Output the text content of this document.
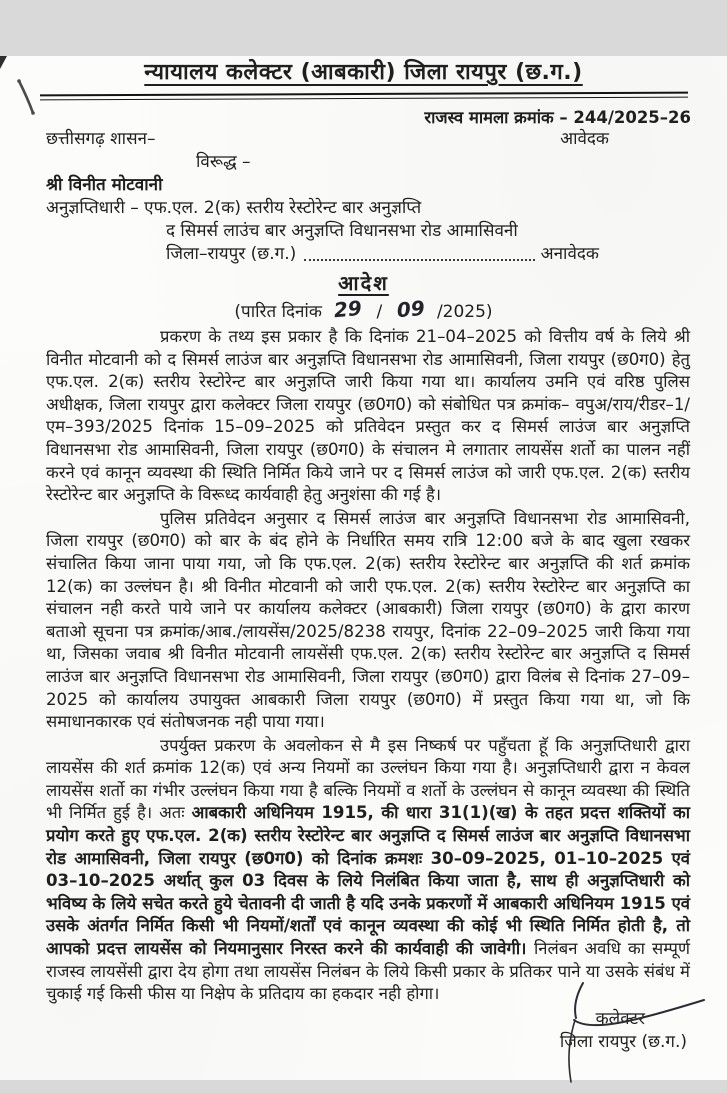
न्यायालय कलेक्टर (आबकारी) जिला रायपुर (छ.ग.)
राजस्व मामला क्रमांक – 244/2025–26
छत्तीसगढ़ शासन–	आवेदक
विरूद्ध –
श्री विनीत मोटवानी
अनुज्ञप्तिधारी – एफ.एल. 2(क) स्तरीय रेस्टोरेन्ट बार अनुज्ञप्ति
द सिमर्स लाउंच बार अनुज्ञप्ति विधानसभा रोड आमासिवनी
जिला–रायपुर (छ.ग.)	अनावेदक
आदेश
(पारित दिनांक 29 / 09 /2025)

प्रकरण के तथ्य इस प्रकार है कि दिनांक 21–04–2025 को वित्तीय वर्ष के लिये श्री विनीत मोटवानी को द सिमर्स लाउंज बार अनुज्ञप्ति विधानसभा रोड आमासिवनी, जिला रायपुर (छ0ग0) हेतु एफ.एल. 2(क) स्तरीय रेस्टोरेन्ट बार अनुज्ञप्ति जारी किया गया था। कार्यालय उमनि एवं वरिष्ठ पुलिस अधीक्षक, जिला रायपुर द्वारा कलेक्टर जिला रायपुर (छ0ग0) को संबोधित पत्र क्रमांक– वपुअ/राय/रीडर–1/एम–393/2025 दिनांक 15–09–2025 को प्रतिवेदन प्रस्तुत कर द सिमर्स लाउंज बार अनुज्ञप्ति विधानसभा रोड आमासिवनी, जिला रायपुर (छ0ग0) के संचालन मे लगातार लायसेंस शर्तो का पालन नहीं करने एवं कानून व्यवस्था की स्थिति निर्मित किये जाने पर द सिमर्स लाउंज को जारी एफ.एल. 2(क) स्तरीय रेस्टोरेन्ट बार अनुज्ञप्ति के विरूध्द कार्यवाही हेतु अनुशंसा की गई है।

पुलिस प्रतिवेदन अनुसार द सिमर्स लाउंज बार अनुज्ञप्ति विधानसभा रोड आमासिवनी, जिला रायपुर (छ0ग0) को बार के बंद होने के निर्धारित समय रात्रि 12:00 बजे के बाद खुला रखकर संचालित किया जाना पाया गया, जो कि एफ.एल. 2(क) स्तरीय रेस्टोरेन्ट बार अनुज्ञप्ति की शर्त क्रमांक 12(क) का उल्लंघन है। श्री विनीत मोटवानी को जारी एफ.एल. 2(क) स्तरीय रेस्टोरेन्ट बार अनुज्ञप्ति का संचालन नही करते पाये जाने पर कार्यालय कलेक्टर (आबकारी) जिला रायपुर (छ0ग0) के द्वारा कारण बताओ सूचना पत्र क्रमांक/आब./लायसेंस/2025/8238 रायपुर, दिनांक 22–09–2025 जारी किया गया था, जिसका जवाब श्री विनीत मोटवानी लायसेंसी एफ.एल. 2(क) स्तरीय रेस्टोरेन्ट बार अनुज्ञप्ति द सिमर्स लाउंज बार अनुज्ञप्ति विधानसभा रोड आमासिवनी, जिला रायपुर (छ0ग0) द्वारा विलंब से दिनांक 27–09–2025 को कार्यालय उपायुक्त आबकारी जिला रायपुर (छ0ग0) में प्रस्तुत किया गया था, जो कि समाधानकारक एवं संतोषजनक नही पाया गया।

उपर्युक्त प्रकरण के अवलोकन से मै इस निष्कर्ष पर पहुँचता हूॅ कि अनुज्ञप्तिधारी द्वारा लायसेंस की शर्त क्रमांक 12(क) एवं अन्य नियमों का उल्लंघन किया गया है। अनुज्ञप्तिधारी द्वारा न केवल लायसेंस शर्तो का गंभीर उल्लंघन किया गया है बल्कि नियमों व शर्तो के उल्लंघन से कानून व्यवस्था की स्थिति भी निर्मित हुई है। अतः आबकारी अधिनियम 1915, की धारा 31(1)(ख) के तहत प्रदत्त शक्तियों का प्रयोग करते हुए एफ.एल. 2(क) स्तरीय रेस्टोरेन्ट बार अनुज्ञप्ति द सिमर्स लाउंज बार अनुज्ञप्ति विधानसभा रोड आमासिवनी, जिला रायपुर (छ0ग0) को दिनांक क्रमशः 30–09–2025, 01–10–2025 एवं 03–10–2025 अर्थात् कुल 03 दिवस के लिये निलंबित किया जाता है, साथ ही अनुज्ञप्तिधारी को भविष्य के लिये सचेत करते हुये चेतावनी दी जाती है यदि उनके प्रकरणों में आबकारी अधिनियम 1915 एवं उसके अंतर्गत निर्मित किसी भी नियमों/शर्तों एवं कानून व्यवस्था की कोई भी स्थिति निर्मित होती है, तो आपको प्रदत्त लायसेंस को नियमानुसार निरस्त करने की कार्यवाही की जावेगी। निलंबन अवधि का सम्पूर्ण राजस्व लायसेंसी द्वारा देय होगा तथा लायसेंस निलंबन के लिये किसी प्रकार के प्रतिकर पाने या उसके संबंध में चुकाई गई किसी फीस या निक्षेप के प्रतिदाय का हकदार नही होगा।

कलेक्टर
जिला रायपुर (छ.ग.)
